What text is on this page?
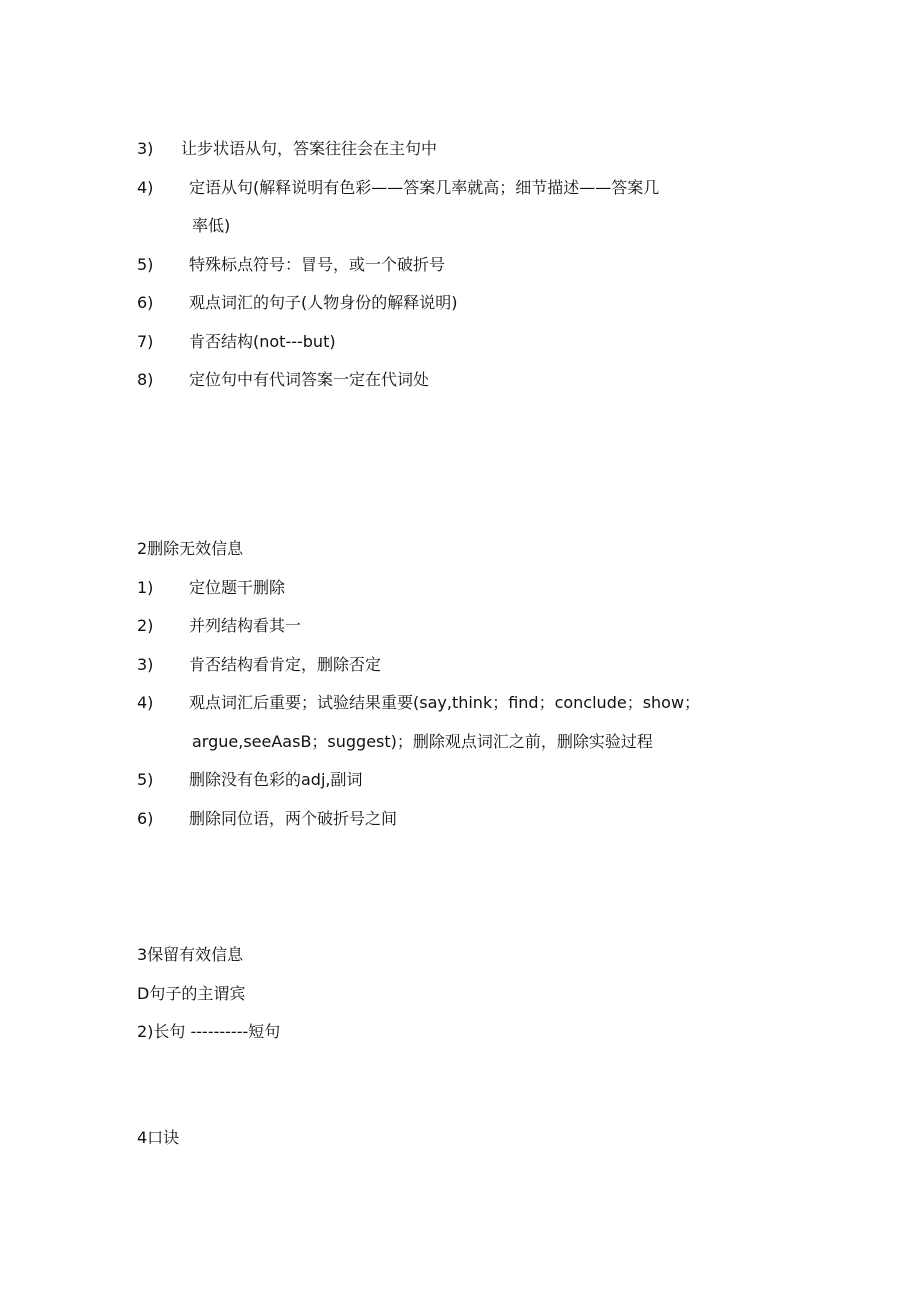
3) 让步状语从句，答案往往会在主句中
4) 定语从句(解释说明有色彩——答案几率就高；细节描述——答案几
率低)
5) 特殊标点符号：冒号，或一个破折号
6) 观点词汇的句子(人物身份的解释说明)
7) 肯否结构(not---but)
8) 定位句中有代词答案一定在代词处
2删除无效信息
1) 定位题干删除
2) 并列结构看其一
3) 肯否结构看肯定，删除否定
4) 观点词汇后重要；试验结果重要(say,think；find；conclude；show；
argue,seeAasB；suggest)；删除观点词汇之前，删除实验过程
5) 删除没有色彩的adj,副词
6) 删除同位语，两个破折号之间
3保留有效信息
D句子的主谓宾
2)长句 ----------短句
4口诀
